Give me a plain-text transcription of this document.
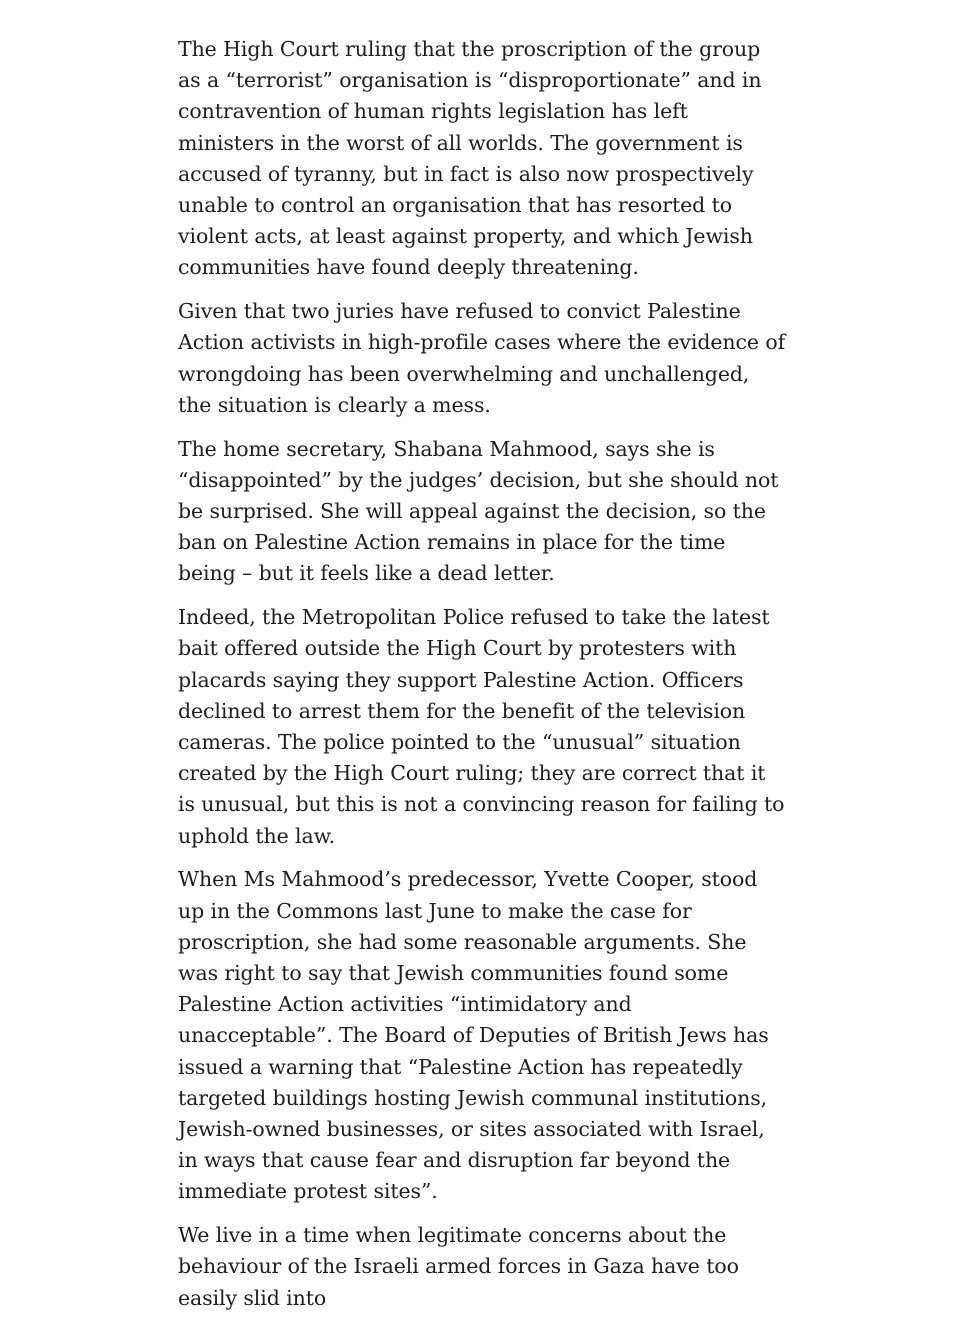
The High Court ruling that the proscription of the group as a “terrorist” organisation is “disproportionate” and in contravention of human rights legislation has left ministers in the worst of all worlds. The government is accused of tyranny, but in fact is also now prospectively unable to control an organisation that has resorted to violent acts, at least against property, and which Jewish communities have found deeply threatening.

Given that two juries have refused to convict Palestine Action activists in high-profile cases where the evidence of wrongdoing has been overwhelming and unchallenged, the situation is clearly a mess.

The home secretary, Shabana Mahmood, says she is “disappointed” by the judges’ decision, but she should not be surprised. She will appeal against the decision, so the ban on Palestine Action remains in place for the time being – but it feels like a dead letter.

Indeed, the Metropolitan Police refused to take the latest bait offered outside the High Court by protesters with placards saying they support Palestine Action. Officers declined to arrest them for the benefit of the television cameras. The police pointed to the “unusual” situation created by the High Court ruling; they are correct that it is unusual, but this is not a convincing reason for failing to uphold the law.

When Ms Mahmood’s predecessor, Yvette Cooper, stood up in the Commons last June to make the case for proscription, she had some reasonable arguments. She was right to say that Jewish communities found some Palestine Action activities “intimidatory and unacceptable”. The Board of Deputies of British Jews has issued a warning that “Palestine Action has repeatedly targeted buildings hosting Jewish communal institutions, Jewish-owned businesses, or sites associated with Israel, in ways that cause fear and disruption far beyond the immediate protest sites”.

We live in a time when legitimate concerns about the behaviour of the Israeli armed forces in Gaza have too easily slid into
